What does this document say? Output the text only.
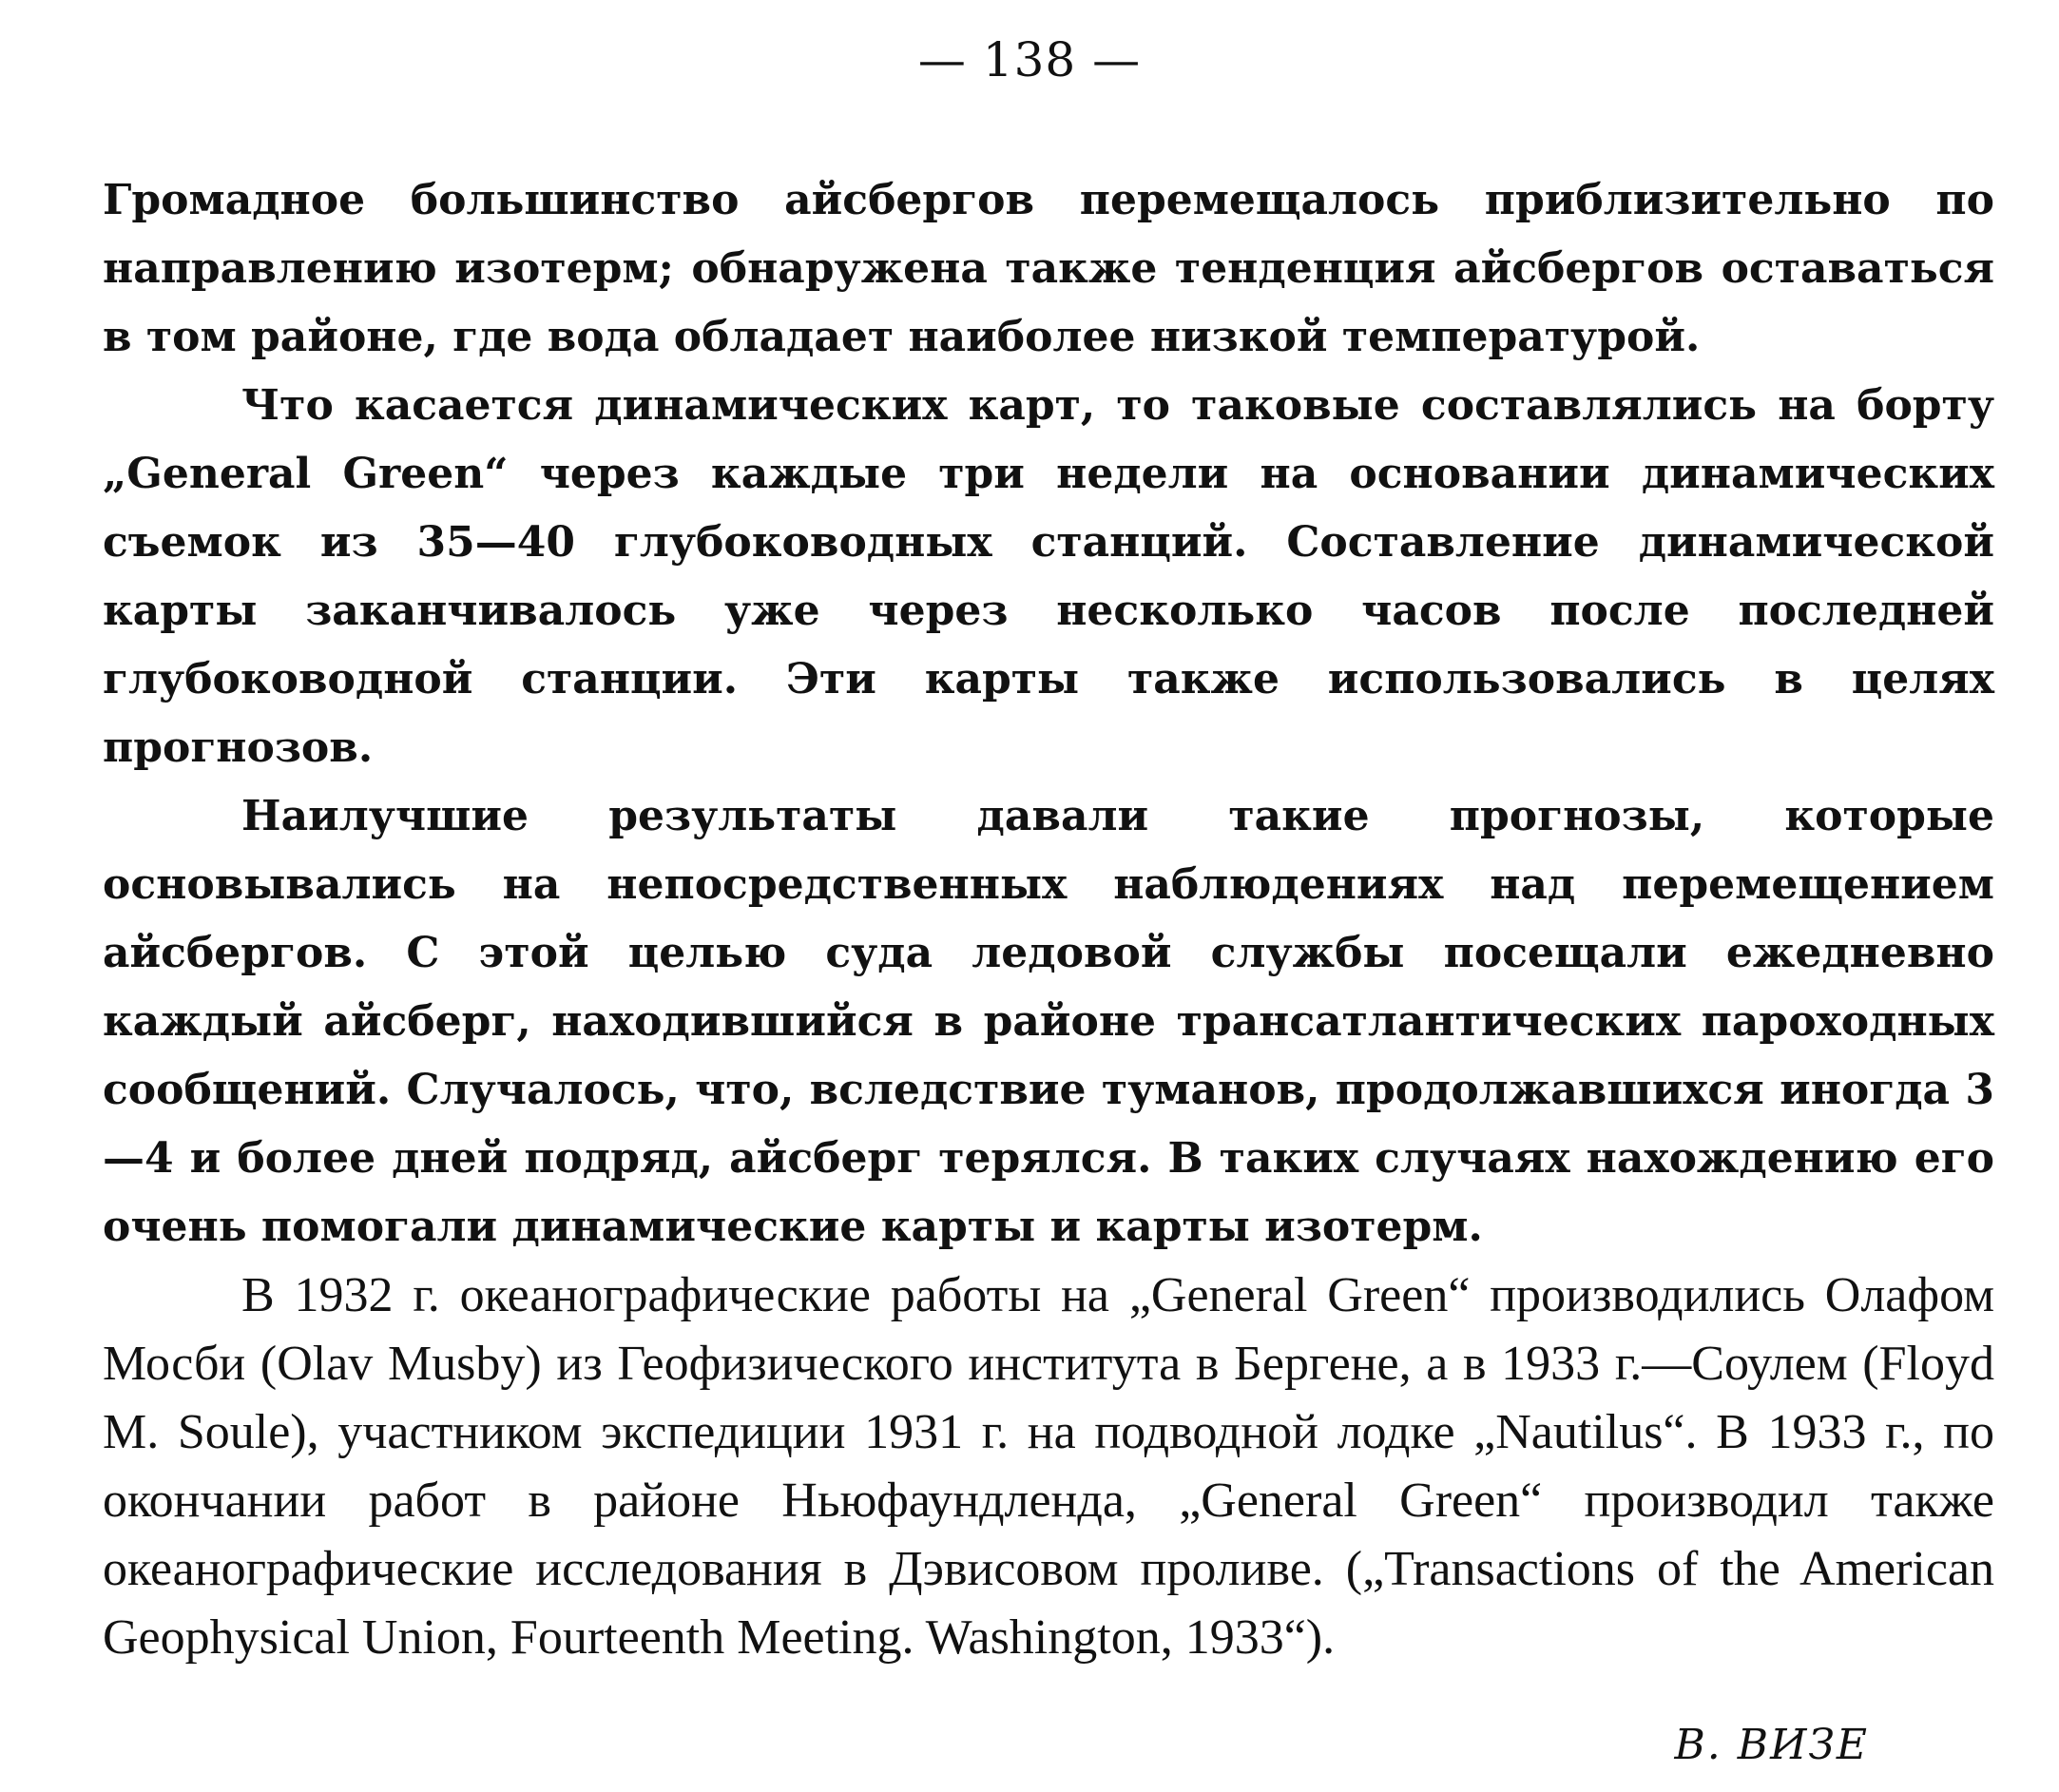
— 138 —

Громадное большинство айсбергов перемещалось приблизительно по направлению изотерм; обнаружена также тенденция айсбергов оставаться в том районе, где вода обладает наиболее низкой температурой.

Что касается динамических карт, то таковые составлялись на борту „General Green“ через каждые три недели на основании динамических съемок из 35—40 глубоководных станций. Составление динамической карты заканчивалось уже через несколько часов после последней глубоководной станции. Эти карты также использовались в целях прогнозов.

Наилучшие результаты давали такие прогнозы, которые основывались на непосредственных наблюдениях над перемещением айсбергов. С этой целью суда ледовой службы посещали ежедневно каждый айсберг, находившийся в районе трансатлантических пароходных сообщений. Случалось, что, вследствие туманов, продолжавшихся иногда 3—4 и более дней подряд, айсберг терялся. В таких случаях нахождению его очень помогали динамические карты и карты изотерм.

В 1932 г. океанографические работы на „General Green“ производились Олафом Мосби (Olav Musby) из Геофизического института в Бергене, а в 1933 г.—Соулем (Floyd M. Soule), участником экспедиции 1931 г. на подводной лодке „Nautilus“. В 1933 г., по окончании работ в районе Ньюфаундленда, „General Green“ производил также океанографические исследования в Дэвисовом проливе. („Transactions of the American Geophysical Union, Fourteenth Meeting. Washington, 1933“).

В. ВИЗЕ
